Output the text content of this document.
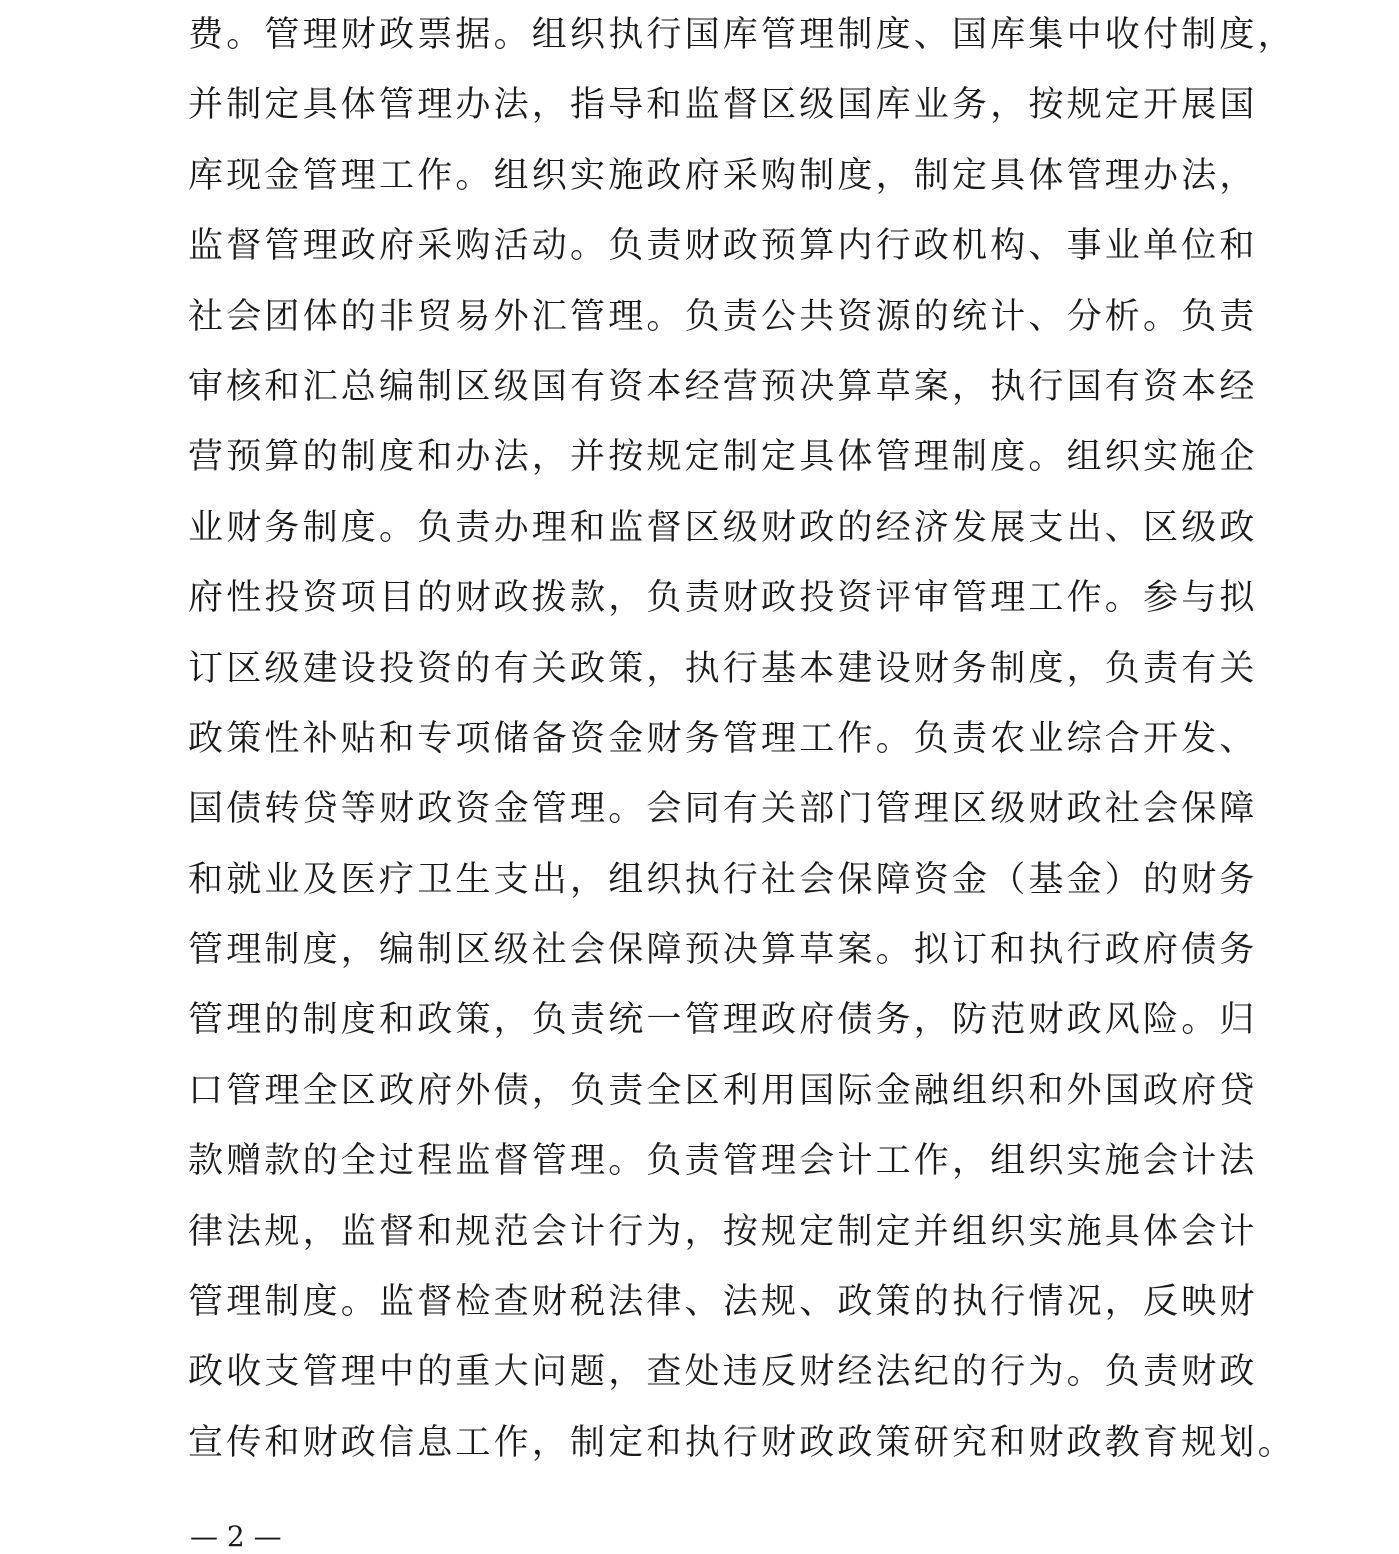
费。管理财政票据。组织执行国库管理制度、国库集中收付制度，
并制定具体管理办法，指导和监督区级国库业务，按规定开展国
库现金管理工作。组织实施政府采购制度，制定具体管理办法，
监督管理政府采购活动。负责财政预算内行政机构、事业单位和
社会团体的非贸易外汇管理。负责公共资源的统计、分析。负责
审核和汇总编制区级国有资本经营预决算草案，执行国有资本经
营预算的制度和办法，并按规定制定具体管理制度。组织实施企
业财务制度。负责办理和监督区级财政的经济发展支出、区级政
府性投资项目的财政拨款，负责财政投资评审管理工作。参与拟
订区级建设投资的有关政策，执行基本建设财务制度，负责有关
政策性补贴和专项储备资金财务管理工作。负责农业综合开发、
国债转贷等财政资金管理。会同有关部门管理区级财政社会保障
和就业及医疗卫生支出，组织执行社会保障资金（基金）的财务
管理制度，编制区级社会保障预决算草案。拟订和执行政府债务
管理的制度和政策，负责统一管理政府债务，防范财政风险。归
口管理全区政府外债，负责全区利用国际金融组织和外国政府贷
款赠款的全过程监督管理。负责管理会计工作，组织实施会计法
律法规，监督和规范会计行为，按规定制定并组织实施具体会计
管理制度。监督检查财税法律、法规、政策的执行情况，反映财
政收支管理中的重大问题，查处违反财经法纪的行为。负责财政
宣传和财政信息工作，制定和执行财政政策研究和财政教育规划。
— 2 —
